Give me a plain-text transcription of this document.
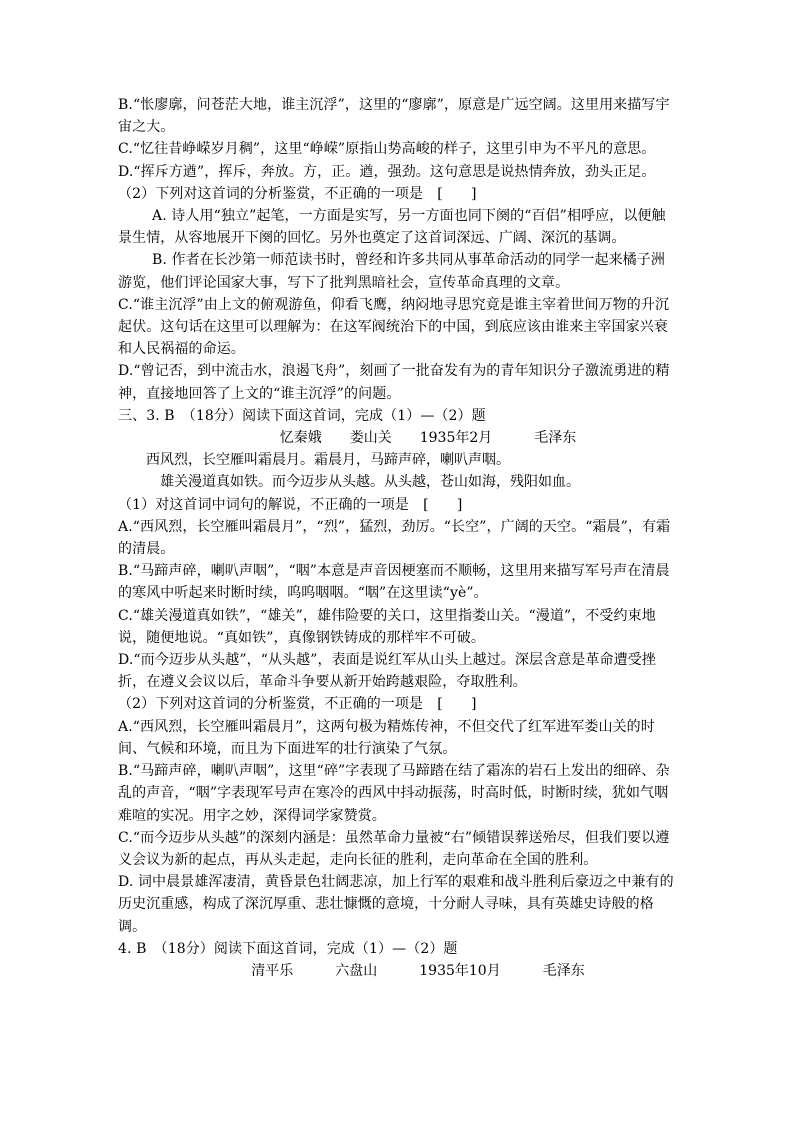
B.“怅廖廓，问苍茫大地，谁主沉浮”，这里的“廖廓”，原意是广远空阔。这里用来描写宇宙之大。

C.“忆往昔峥嵘岁月稠”，这里“峥嵘”原指山势高峻的样子，这里引申为不平凡的意思。

D.“挥斥方遒”，挥斥，奔放。方，正。遒，强劲。这句意思是说热情奔放，劲头正足。

（2）下列对这首词的分析鉴赏，不正确的一项是　[　　]

A. 诗人用“独立”起笔，一方面是实写，另一方面也同下阕的“百侣”相呼应，以便触景生情，从容地展开下阕的回忆。另外也奠定了这首词深远、广阔、深沉的基调。

B. 作者在长沙第一师范读书时，曾经和许多共同从事革命活动的同学一起来橘子洲游览，他们评论国家大事，写下了批判黑暗社会，宣传革命真理的文章。

C.“谁主沉浮”由上文的俯观游鱼，仰看飞鹰，纳闷地寻思究竟是谁主宰着世间万物的升沉起伏。这句话在这里可以理解为：在这军阀统治下的中国，到底应该由谁来主宰国家兴衰和人民祸福的命运。

D.“曾记否，到中流击水，浪遏飞舟”，刻画了一批奋发有为的青年知识分子激流勇进的精神，直接地回答了上文的“谁主沉浮”的问题。

三、3. B　（18分）阅读下面这首词，完成（1）—（2）题

忆秦娥　　娄山关　　1935年2月　　　毛泽东
　　西风烈，长空雁叫霜晨月。霜晨月，马蹄声碎，喇叭声咽。
　　　雄关漫道真如铁。而今迈步从头越。从头越，苍山如海，残阳如血。

（1）对这首词中词句的解说，不正确的一项是　[　　]

A.“西风烈，长空雁叫霜晨月”，“烈”，猛烈，劲厉。“长空”，广阔的天空。“霜晨”，有霜的清晨。

B.“马蹄声碎，喇叭声咽”，“咽”本意是声音因梗塞而不顺畅，这里用来描写军号声在清晨的寒风中听起来时断时续，呜呜咽咽。“咽”在这里读“yè”。

C.“雄关漫道真如铁”，“雄关”，雄伟险要的关口，这里指娄山关。“漫道”，不受约束地说，随便地说。“真如铁”，真像钢铁铸成的那样牢不可破。

D.“而今迈步从头越”，“从头越”，表面是说红军从山头上越过。深层含意是革命遭受挫折，在遵义会议以后，革命斗争要从新开始跨越艰险，夺取胜利。

（2）下列对这首词的分析鉴赏，不正确的一项是　[　　]

A.“西风烈，长空雁叫霜晨月”，这两句极为精炼传神，不但交代了红军进军娄山关的时间、气候和环境，而且为下面进军的壮行演染了气氛。

B.“马蹄声碎，喇叭声咽”，这里“碎”字表现了马蹄踏在结了霜冻的岩石上发出的细碎、杂乱的声音，“咽”字表现军号声在寒冷的西风中抖动振荡，时高时低，时断时续，犹如气咽难喧的实况。用字之妙，深得词学家赞赏。

C.“而今迈步从头越”的深刻内涵是：虽然革命力量被“右”倾错误葬送殆尽，但我们要以遵义会议为新的起点，再从头走起，走向长征的胜利，走向革命在全国的胜利。

D. 词中晨景雄浑凄清，黄昏景色壮阔悲凉，加上行军的艰难和战斗胜利后豪迈之中兼有的历史沉重感，构成了深沉厚重、悲壮慷慨的意境，十分耐人寻味，具有英雄史诗般的格调。

4. B　（18分）阅读下面这首词，完成（1）—（2）题

清平乐　　　六盘山　　　1935年10月　　　毛泽东
